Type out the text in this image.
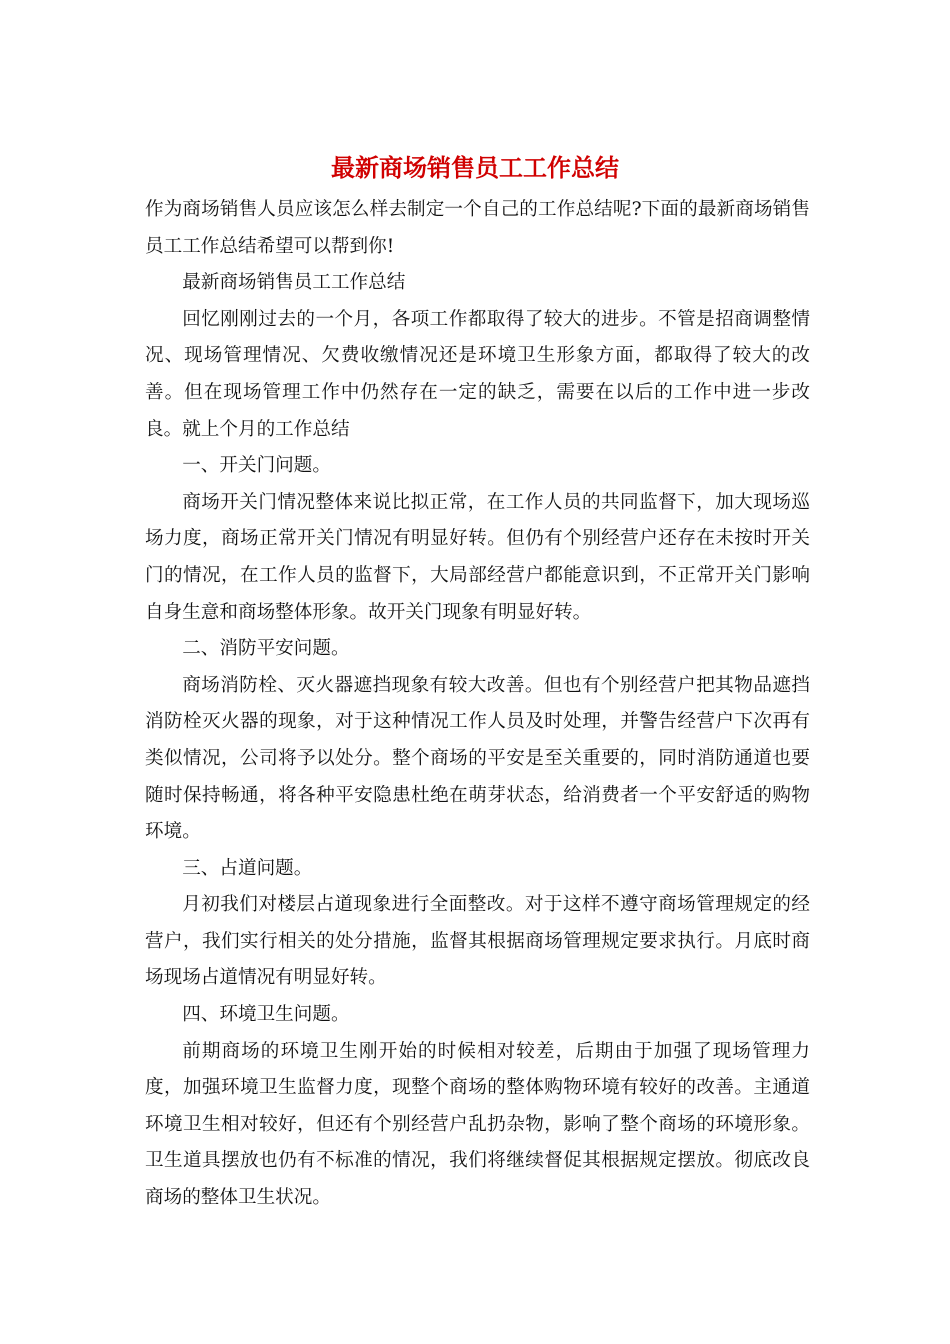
最新商场销售员工工作总结

作为商场销售人员应该怎么样去制定一个自己的工作总结呢?下面的最新商场销售员工工作总结希望可以帮到你!

最新商场销售员工工作总结

回忆刚刚过去的一个月，各项工作都取得了较大的进步。不管是招商调整情况、现场管理情况、欠费收缴情况还是环境卫生形象方面，都取得了较大的改善。但在现场管理工作中仍然存在一定的缺乏，需要在以后的工作中进一步改良。就上个月的工作总结

一、开关门问题。

商场开关门情况整体来说比拟正常，在工作人员的共同监督下，加大现场巡场力度，商场正常开关门情况有明显好转。但仍有个别经营户还存在未按时开关门的情况，在工作人员的监督下，大局部经营户都能意识到，不正常开关门影响自身生意和商场整体形象。故开关门现象有明显好转。

二、消防平安问题。

商场消防栓、灭火器遮挡现象有较大改善。但也有个别经营户把其物品遮挡消防栓灭火器的现象，对于这种情况工作人员及时处理，并警告经营户下次再有类似情况，公司将予以处分。整个商场的平安是至关重要的，同时消防通道也要随时保持畅通，将各种平安隐患杜绝在萌芽状态，给消费者一个平安舒适的购物环境。

三、占道问题。

月初我们对楼层占道现象进行全面整改。对于这样不遵守商场管理规定的经营户，我们实行相关的处分措施，监督其根据商场管理规定要求执行。月底时商场现场占道情况有明显好转。

四、环境卫生问题。

前期商场的环境卫生刚开始的时候相对较差，后期由于加强了现场管理力度，加强环境卫生监督力度，现整个商场的整体购物环境有较好的改善。主通道环境卫生相对较好，但还有个别经营户乱扔杂物，影响了整个商场的环境形象。卫生道具摆放也仍有不标准的情况，我们将继续督促其根据规定摆放。彻底改良商场的整体卫生状况。
